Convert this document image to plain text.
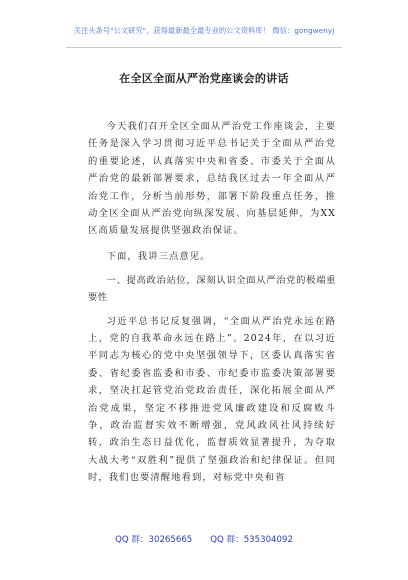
关注头条号"公文研究"，获得最新最全最专业的公文资料库！ 微信：gongwenyj
在全区全面从严治党座谈会的讲话

今天我们召开全区全面从严治党工作座谈会，主要任务是深入学习贯彻习近平总书记关于全面从严治党的重要论述，认真落实中央和省委、市委关于全面从严治党的最新部署要求，总结我区过去一年全面从严治党工作，分析当前形势，部署下阶段重点任务，推动全区全面从严治党向纵深发展、向基层延伸，为XX区高质量发展提供坚强政治保证。

下面，我讲三点意见。

一、提高政治站位，深刻认识全面从严治党的极端重要性

习近平总书记反复强调，“全面从严治党永远在路上，党的自我革命永远在路上”。2024年，在以习近平同志为核心的党中央坚强领导下，区委认真落实省委、省纪委省监委和市委、市纪委市监委决策部署要求，坚决扛起管党治党政治责任，深化拓展全面从严治党成果，坚定不移推进党风廉政建设和反腐败斗争，政治监督实效不断增强，党风政风社风持续好转，政治生态日益优化，监督质效显著提升，为夺取大战大考“双胜利”提供了坚强政治和纪律保证。但同时，我们也要清醒地看到，对标党中央和省

QQ 群：30265665 QQ 群：535304092
